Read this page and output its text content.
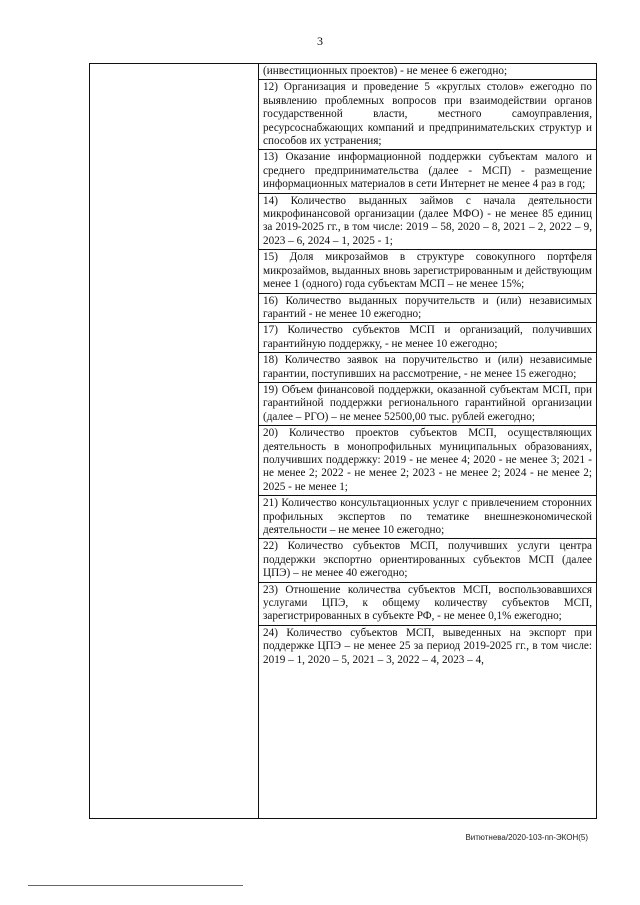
3
(инвестиционных проектов) - не менее 6 ежегодно;
12) Организация и проведение 5 «круглых столов» ежегодно по выявлению проблемных вопросов при взаимодействии органов государственной власти, местного самоуправления, ресурсоснабжающих компаний и предпринимательских структур и способов их устранения;
13) Оказание информационной поддержки субъектам малого и среднего предпринимательства (далее - МСП) - размещение информационных материалов в сети Интернет не менее 4 раз в год;
14) Количество выданных займов с начала деятельности микрофинансовой организации (далее МФО) - не менее 85 единиц за 2019-2025 гг., в том числе: 2019 – 58, 2020 – 8, 2021 – 2, 2022 – 9, 2023 – 6, 2024 – 1, 2025 - 1;
15) Доля микрозаймов в структуре совокупного портфеля микрозаймов, выданных вновь зарегистрированным и действующим менее 1 (одного) года субъектам МСП – не менее 15%;
16) Количество выданных поручительств и (или) независимых гарантий - не менее 10 ежегодно;
17) Количество субъектов МСП и организаций, получивших гарантийную поддержку, - не менее 10 ежегодно;
18) Количество заявок на поручительство и (или) независимые гарантии, поступивших на рассмотрение, - не менее 15 ежегодно;
19) Объем финансовой поддержки, оказанной субъектам МСП, при гарантийной поддержки регионального гарантийной организации (далее – РГО) – не менее 52500,00 тыс. рублей ежегодно;
20) Количество проектов субъектов МСП, осуществляющих деятельность в монопрофильных муниципальных образованиях, получивших поддержку: 2019 - не менее 4; 2020 - не менее 3; 2021 - не менее 2; 2022 - не менее 2; 2023 - не менее 2; 2024 - не менее 2; 2025 - не менее 1;
21) Количество консультационных услуг с привлечением сторонних профильных экспертов по тематике внешнеэкономической деятельности – не менее 10 ежегодно;
22) Количество субъектов МСП, получивших услуги центра поддержки экспортно ориентированных субъектов МСП (далее ЦПЭ) – не менее 40 ежегодно;
23) Отношение количества субъектов МСП, воспользовавшихся услугами ЦПЭ, к общему количеству субъектов МСП, зарегистрированных в субъекте РФ, - не менее 0,1% ежегодно;
24) Количество субъектов МСП, выведенных на экспорт при поддержке ЦПЭ – не менее 25 за период 2019-2025 гг., в том числе: 2019 – 1, 2020 – 5, 2021 – 3, 2022 – 4, 2023 – 4,
Витютнева/2020-103-пп-ЭКОН(5)
